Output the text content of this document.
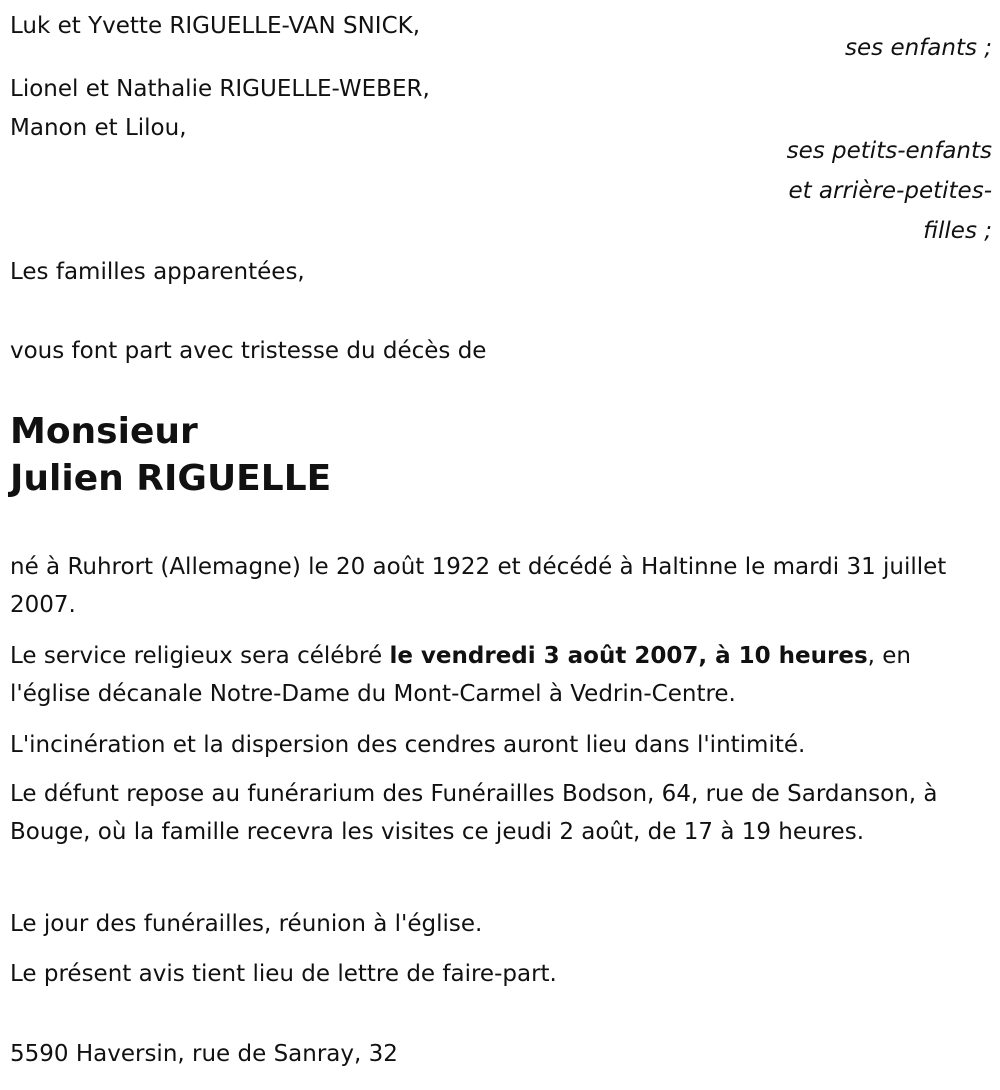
Luk et Yvette RIGUELLE-VAN SNICK,
ses enfants ;
Lionel et Nathalie RIGUELLE-WEBER,
Manon et Lilou,
ses petits-enfants
et arrière-petites-
filles ;
Les familles apparentées,
vous font part avec tristesse du décès de
Monsieur
Julien RIGUELLE
né à Ruhrort (Allemagne) le 20 août 1922 et décédé à Haltinne le mardi 31 juillet 2007.
Le service religieux sera célébré le vendredi 3 août 2007, à 10 heures, en l'église décanale Notre-Dame du Mont-Carmel à Vedrin-Centre.
L'incinération et la dispersion des cendres auront lieu dans l'intimité.
Le défunt repose au funérarium des Funérailles Bodson, 64, rue de Sardanson, à Bouge, où la famille recevra les visites ce jeudi 2 août, de 17 à 19 heures.
Le jour des funérailles, réunion à l'église.
Le présent avis tient lieu de lettre de faire-part.
5590 Haversin, rue de Sanray, 32
